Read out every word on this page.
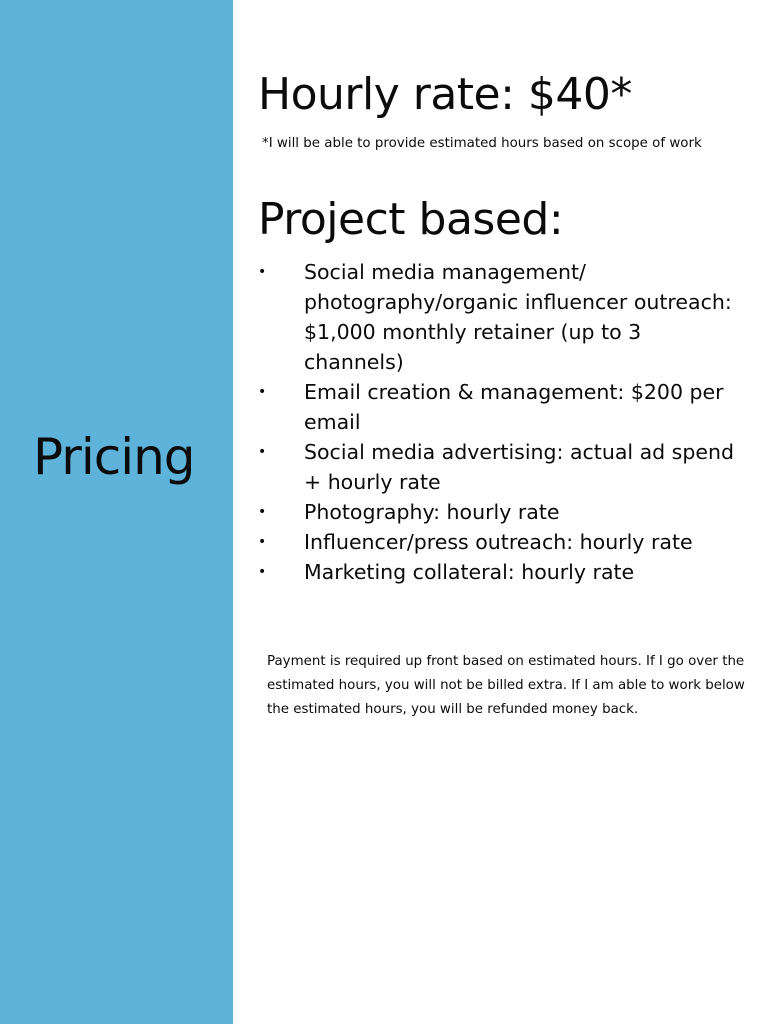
Pricing
Hourly rate: $40*

*I will be able to provide estimated hours based on scope of work

Project based:
• Social media management/ photography/organic influencer outreach: $1,000 monthly retainer (up to 3 channels)
• Email creation & management: $200 per email
• Social media advertising: actual ad spend + hourly rate
• Photography: hourly rate
• Influencer/press outreach: hourly rate
• Marketing collateral: hourly rate

Payment is required up front based on estimated hours. If I go over the estimated hours, you will not be billed extra. If I am able to work below the estimated hours, you will be refunded money back.
